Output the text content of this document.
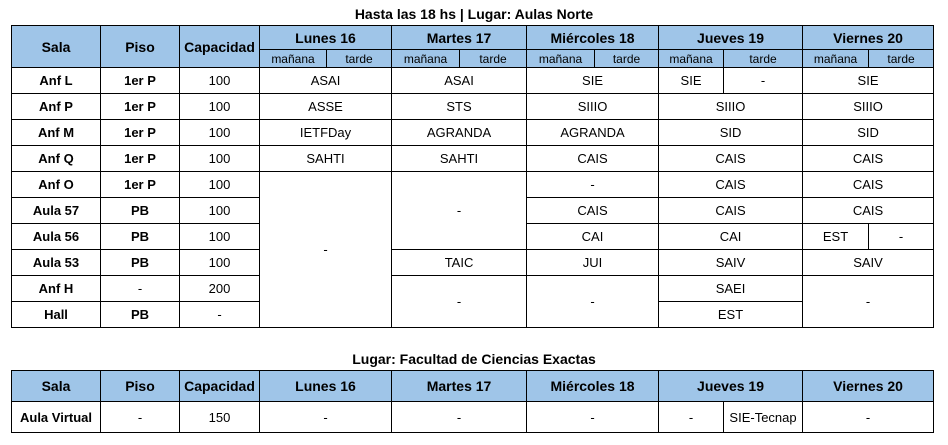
Hasta las 18 hs | Lugar: Aulas Norte
Sala	Piso	Capacidad	Lunes 16		Martes 17		Miércoles 18		Jueves 19		Viernes 20	
			mañana	tarde	mañana	tarde	mañana	tarde	mañana	tarde	mañana	tarde
Anf L	1er P	100	ASAI		ASAI		SIE		SIE	-	SIE	
Anf P	1er P	100	ASSE		STS		SIIIO		SIIIO		SIIIO	
Anf M	1er P	100	IETFDay		AGRANDA		AGRANDA		SID		SID	
Anf Q	1er P	100	SAHTI		SAHTI		CAIS		CAIS		CAIS	
Anf O	1er P	100	-		-		-		CAIS		CAIS	
Aula 57	PB	100					CAIS		CAIS		CAIS	
Aula 56	PB	100					CAI		CAI		EST	-
Aula 53	PB	100			TAIC		JUI		SAIV		SAIV	
Anf H	-	200			-		-		SAEI		-	
Hall	PB	-							EST			
Lugar: Facultad de Ciencias Exactas
Sala	Piso	Capacidad	Lunes 16	Martes 17	Miércoles 18	Jueves 19		Viernes 20
Aula Virtual	-	150	-	-	-	-	SIE-Tecnap	-
